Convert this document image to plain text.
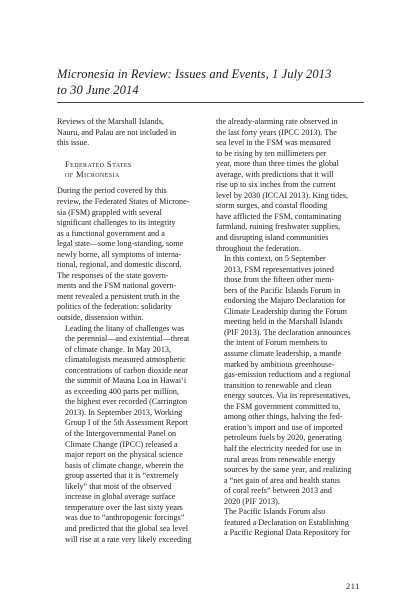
Micronesia in Review: Issues and Events, 1 July 2013
to 30 June 2014

Reviews of the Marshall Islands,
Nauru, and Palau are not included in
this issue.

Federated States
of Micronesia

During the period covered by this
review, the Federated States of Microne-
sia (FSM) grappled with several
significant challenges to its integrity
as a functional government and a
legal state—some long-standing, some
newly borne, all symptoms of interna-
tional, regional, and domestic discord.
The responses of the state govern-
ments and the FSM national govern-
ment revealed a persistent truth in the
politics of the federation: solidarity
outside, dissension within.

Leading the litany of challenges was
the perennial—and existential—threat
of climate change. In May 2013,
climatologists measured atmospheric
concentrations of carbon dioxide near
the summit of Mauna Loa in Hawai‘i
as exceeding 400 parts per million,
the highest ever recorded (Carrington
2013). In September 2013, Working
Group I of the 5th Assessment Report
of the Intergovernmental Panel on
Climate Change (IPCC) released a
major report on the physical science
basis of climate change, wherein the
group asserted that it is “extremely
likely” that most of the observed
increase in global average surface
temperature over the last sixty years
was due to “anthropogenic forcings”
and predicted that the global sea level
will rise at a rate very likely exceeding

the already-alarming rate observed in
the last forty years (IPCC 2013). The
sea level in the FSM was measured
to be rising by ten millimeters per
year, more than three times the global
average, with predictions that it will
rise up to six inches from the current
level by 2030 (ICCAI 2013). King tides,
storm surges, and coastal flooding
have afflicted the FSM, contaminating
farmland, ruining freshwater supplies,
and disrupting island communities
throughout the federation.

In this context, on 5 September
2013, FSM representatives joined
those from the fifteen other mem-
bers of the Pacific Islands Forum in
endorsing the Majuro Declaration for
Climate Leadership during the Forum
meeting held in the Marshall Islands
(PIF 2013). The declaration announces
the intent of Forum members to
assume climate leadership, a mantle
marked by ambitious greenhouse-
gas-emission reductions and a regional
transition to renewable and clean
energy sources. Via its representatives,
the FSM government committed to,
among other things, halving the fed-
eration’s import and use of imported
petroleum fuels by 2020, generating
half the electricity needed for use in
rural areas from renewable energy
sources by the same year, and realizing
a “net gain of area and health status
of coral reefs” between 2013 and
2020 (PIF 2013).

The Pacific Islands Forum also
featured a Declaration on Establishing
a Pacific Regional Data Repository for

211
